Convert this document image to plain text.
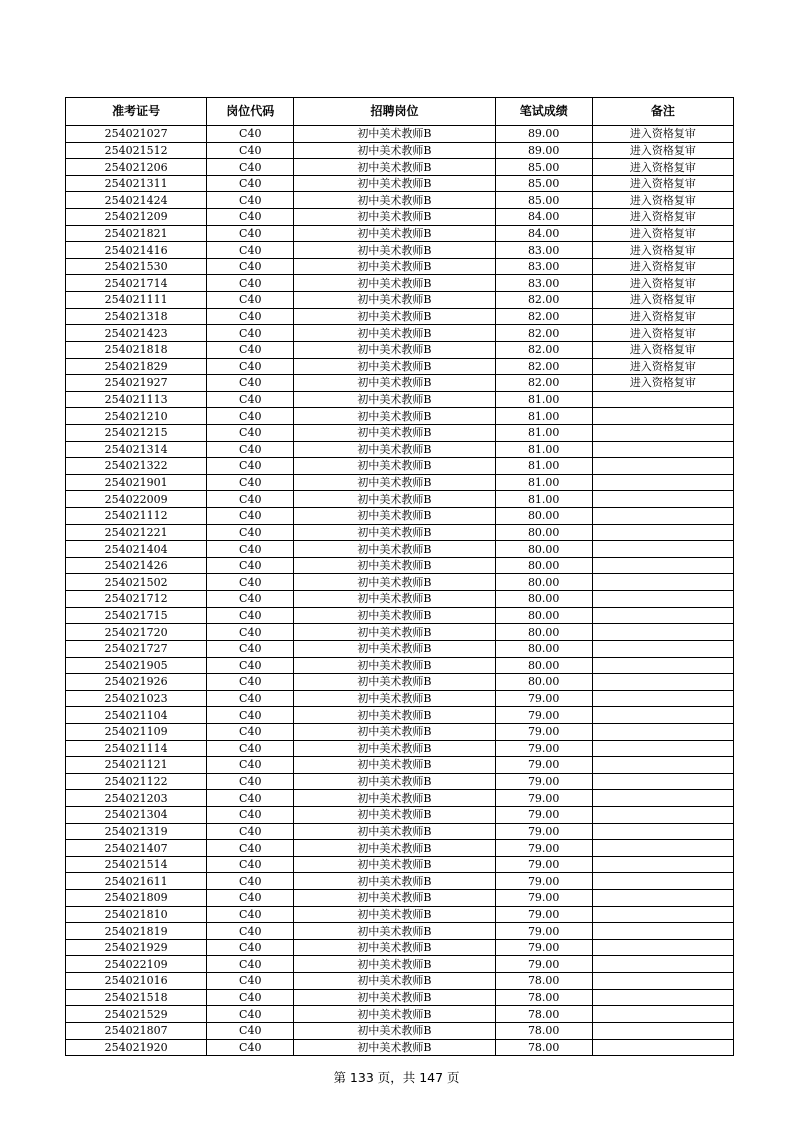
准考证号	岗位代码	招聘岗位	笔试成绩	备注
254021027	C40	初中美术教师B	89.00	进入资格复审
254021512	C40	初中美术教师B	89.00	进入资格复审
254021206	C40	初中美术教师B	85.00	进入资格复审
254021311	C40	初中美术教师B	85.00	进入资格复审
254021424	C40	初中美术教师B	85.00	进入资格复审
254021209	C40	初中美术教师B	84.00	进入资格复审
254021821	C40	初中美术教师B	84.00	进入资格复审
254021416	C40	初中美术教师B	83.00	进入资格复审
254021530	C40	初中美术教师B	83.00	进入资格复审
254021714	C40	初中美术教师B	83.00	进入资格复审
254021111	C40	初中美术教师B	82.00	进入资格复审
254021318	C40	初中美术教师B	82.00	进入资格复审
254021423	C40	初中美术教师B	82.00	进入资格复审
254021818	C40	初中美术教师B	82.00	进入资格复审
254021829	C40	初中美术教师B	82.00	进入资格复审
254021927	C40	初中美术教师B	82.00	进入资格复审
254021113	C40	初中美术教师B	81.00	
254021210	C40	初中美术教师B	81.00	
254021215	C40	初中美术教师B	81.00	
254021314	C40	初中美术教师B	81.00	
254021322	C40	初中美术教师B	81.00	
254021901	C40	初中美术教师B	81.00	
254022009	C40	初中美术教师B	81.00	
254021112	C40	初中美术教师B	80.00	
254021221	C40	初中美术教师B	80.00	
254021404	C40	初中美术教师B	80.00	
254021426	C40	初中美术教师B	80.00	
254021502	C40	初中美术教师B	80.00	
254021712	C40	初中美术教师B	80.00	
254021715	C40	初中美术教师B	80.00	
254021720	C40	初中美术教师B	80.00	
254021727	C40	初中美术教师B	80.00	
254021905	C40	初中美术教师B	80.00	
254021926	C40	初中美术教师B	80.00	
254021023	C40	初中美术教师B	79.00	
254021104	C40	初中美术教师B	79.00	
254021109	C40	初中美术教师B	79.00	
254021114	C40	初中美术教师B	79.00	
254021121	C40	初中美术教师B	79.00	
254021122	C40	初中美术教师B	79.00	
254021203	C40	初中美术教师B	79.00	
254021304	C40	初中美术教师B	79.00	
254021319	C40	初中美术教师B	79.00	
254021407	C40	初中美术教师B	79.00	
254021514	C40	初中美术教师B	79.00	
254021611	C40	初中美术教师B	79.00	
254021809	C40	初中美术教师B	79.00	
254021810	C40	初中美术教师B	79.00	
254021819	C40	初中美术教师B	79.00	
254021929	C40	初中美术教师B	79.00	
254022109	C40	初中美术教师B	79.00	
254021016	C40	初中美术教师B	78.00	
254021518	C40	初中美术教师B	78.00	
254021529	C40	初中美术教师B	78.00	
254021807	C40	初中美术教师B	78.00	
254021920	C40	初中美术教师B	78.00	
第 133 页，共 147 页
